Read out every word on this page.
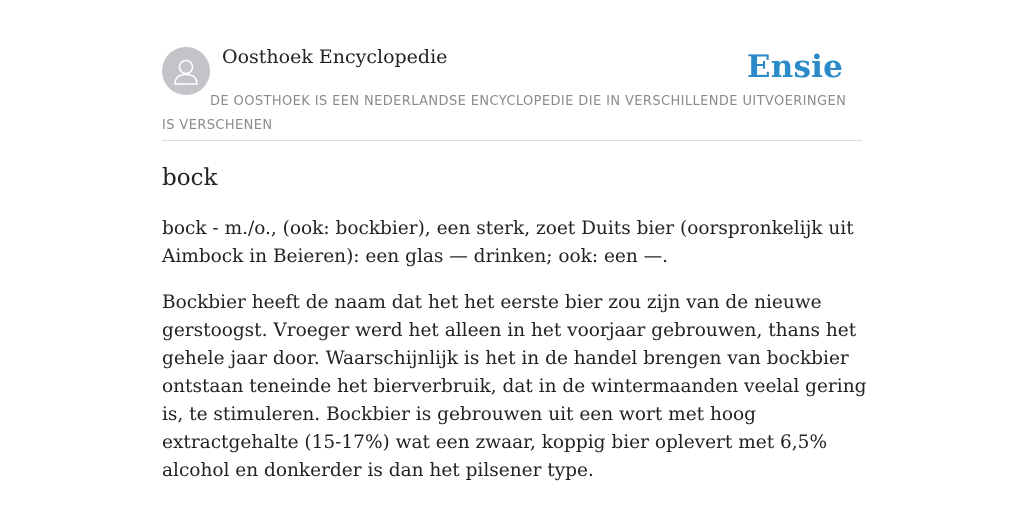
Oosthoek Encyclopedie	Ensie
DE OOSTHOEK IS EEN NEDERLANDSE ENCYCLOPEDIE DIE IN VERSCHILLENDE UITVOERINGEN IS VERSCHENEN
bock

bock - m./o., (ook: bockbier), een sterk, zoet Duits bier (oorspronkelijk uit Aimbock in Beieren): een glas — drinken; ook: een —.

Bockbier heeft de naam dat het het eerste bier zou zijn van de nieuwe gerstoogst. Vroeger werd het alleen in het voorjaar gebrouwen, thans het gehele jaar door. Waarschijnlijk is het in de handel brengen van bockbier ontstaan teneinde het bierverbruik, dat in de wintermaanden veelal gering is, te stimuleren. Bockbier is gebrouwen uit een wort met hoog extractgehalte (15-17%) wat een zwaar, koppig bier oplevert met 6,5% alcohol en donkerder is dan het pilsener type.
